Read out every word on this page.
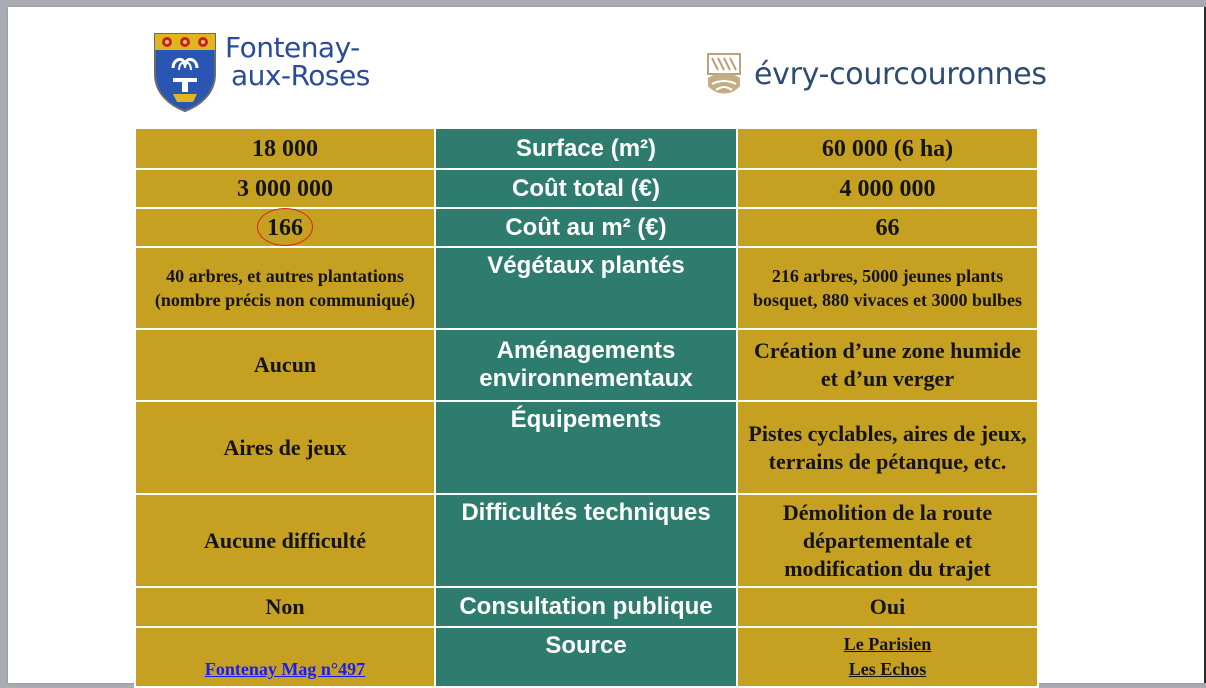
Fontenay-
aux-Roses	évry-courcouronnes
18 000	Surface (m²)	60 000 (6 ha)
3 000 000	Coût total (€)	4 000 000
166	Coût au m² (€)	66
40 arbres, et autres plantations (nombre précis non communiqué)	Végétaux plantés	216 arbres, 5000 jeunes plants bosquet, 880 vivaces et 3000 bulbes
Aucun	Aménagements environnementaux	Création d’une zone humide et d’un verger
Aires de jeux	Équipements	Pistes cyclables, aires de jeux, terrains de pétanque, etc.
Aucune difficulté	Difficultés techniques	Démolition de la route départementale et modification du trajet
Non	Consultation publique	Oui
Fontenay Mag n°497	Source	Le Parisien
Les Echos
